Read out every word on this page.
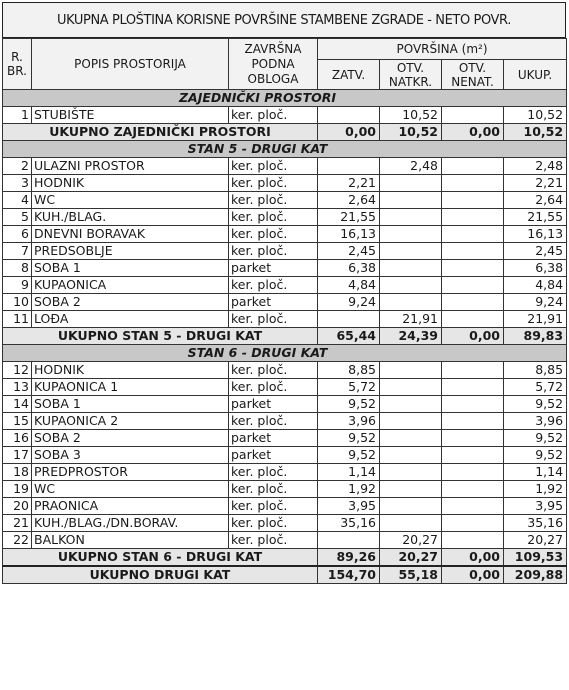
UKUPNA PLOŠTINA KORISNE POVRŠINE STAMBENE ZGRADE - NETO POVR.
R. BR.	POPIS PROSTORIJA	ZAVRŠNA PODNA OBLOGA	POVRŠINA (m²)			
			ZATV.	OTV. NATKR.	OTV. NENAT.	UKUP.
ZAJEDNIČKI PROSTORI						
1	STUBIŠTE	ker. ploč.		10,52		10,52
UKUPNO ZAJEDNIČKI PROSTORI			0,00	10,52	0,00	10,52
STAN 5 - DRUGI KAT						
2	ULAZNI PROSTOR	ker. ploč.		2,48		2,48
3	HODNIK	ker. ploč.	2,21			2,21
4	WC	ker. ploč.	2,64			2,64
5	KUH./BLAG.	ker. ploč.	21,55			21,55
6	DNEVNI BORAVAK	ker. ploč.	16,13			16,13
7	PREDSOBLJE	ker. ploč.	2,45			2,45
8	SOBA 1	parket	6,38			6,38
9	KUPAONICA	ker. ploč.	4,84			4,84
10	SOBA 2	parket	9,24			9,24
11	LOĐA	ker. ploč.		21,91		21,91
UKUPNO STAN 5 - DRUGI KAT			65,44	24,39	0,00	89,83
STAN 6 - DRUGI KAT						
12	HODNIK	ker. ploč.	8,85			8,85
13	KUPAONICA 1	ker. ploč.	5,72			5,72
14	SOBA 1	parket	9,52			9,52
15	KUPAONICA 2	ker. ploč.	3,96			3,96
16	SOBA 2	parket	9,52			9,52
17	SOBA 3	parket	9,52			9,52
18	PREDPROSTOR	ker. ploč.	1,14			1,14
19	WC	ker. ploč.	1,92			1,92
20	PRAONICA	ker. ploč.	3,95			3,95
21	KUH./BLAG./DN.BORAV.	ker. ploč.	35,16			35,16
22	BALKON	ker. ploč.		20,27		20,27
UKUPNO STAN 6 - DRUGI KAT			89,26	20,27	0,00	109,53
UKUPNO DRUGI KAT			154,70	55,18	0,00	209,88
